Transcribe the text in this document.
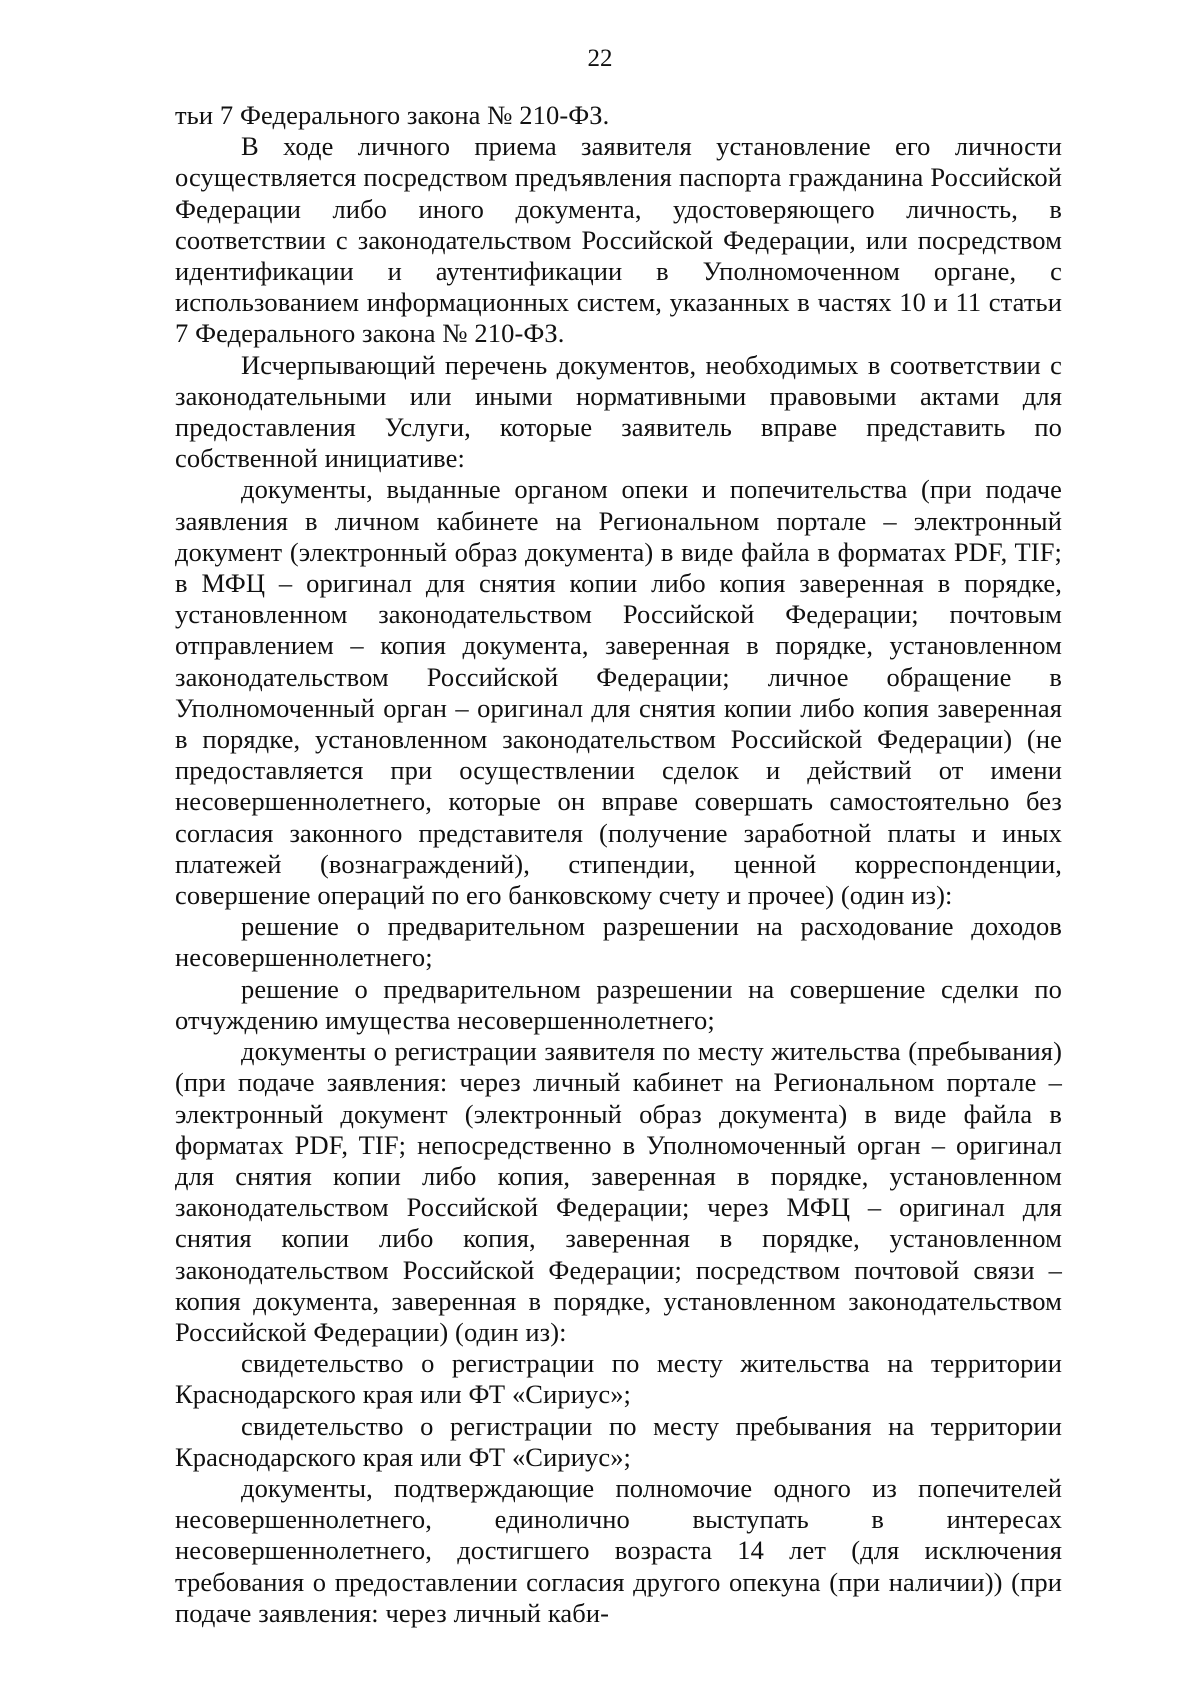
22

тьи 7 Федерального закона № 210-ФЗ.

В ходе личного приема заявителя установление его личности осуществляется посредством предъявления паспорта гражданина Российской Федерации либо иного документа, удостоверяющего личность, в соответствии с законодательством Российской Федерации, или посредством идентификации и аутентификации в Уполномоченном органе, с использованием информационных систем, указанных в частях 10 и 11 статьи 7 Федерального закона № 210-ФЗ.

Исчерпывающий перечень документов, необходимых в соответствии с законодательными или иными нормативными правовыми актами для предоставления Услуги, которые заявитель вправе представить по собственной инициативе:

документы, выданные органом опеки и попечительства (при подаче заявления в личном кабинете на Региональном портале – электронный документ (электронный образ документа) в виде файла в форматах PDF, TIF; в МФЦ – оригинал для снятия копии либо копия заверенная в порядке, установленном законодательством Российской Федерации; почтовым отправлением – копия документа, заверенная в порядке, установленном законодательством Российской Федерации; личное обращение в Уполномоченный орган – оригинал для снятия копии либо копия заверенная в порядке, установленном законодательством Российской Федерации) (не предоставляется при осуществлении сделок и действий от имени несовершеннолетнего, которые он вправе совершать самостоятельно без согласия законного представителя (получение заработной платы и иных платежей (вознаграждений), стипендии, ценной корреспонденции, совершение операций по его банковскому счету и прочее) (один из):

решение о предварительном разрешении на расходование доходов несовершеннолетнего;

решение о предварительном разрешении на совершение сделки по отчуждению имущества несовершеннолетнего;

документы о регистрации заявителя по месту жительства (пребывания) (при подаче заявления: через личный кабинет на Региональном портале – электронный документ (электронный образ документа) в виде файла в форматах PDF, TIF; непосредственно в Уполномоченный орган – оригинал для снятия копии либо копия, заверенная в порядке, установленном законодательством Российской Федерации; через МФЦ – оригинал для снятия копии либо копия, заверенная в порядке, установленном законодательством Российской Федерации; посредством почтовой связи – копия документа, заверенная в порядке, установленном законодательством Российской Федерации) (один из):

свидетельство о регистрации по месту жительства на территории Краснодарского края или ФТ «Сириус»;

свидетельство о регистрации по месту пребывания на территории Краснодарского края или ФТ «Сириус»;

документы, подтверждающие полномочие одного из попечителей несовершеннолетнего, единолично выступать в интересах несовершеннолетнего, достигшего возраста 14 лет (для исключения требования о предоставлении согласия другого опекуна (при наличии)) (при подаче заявления: через личный каби-
